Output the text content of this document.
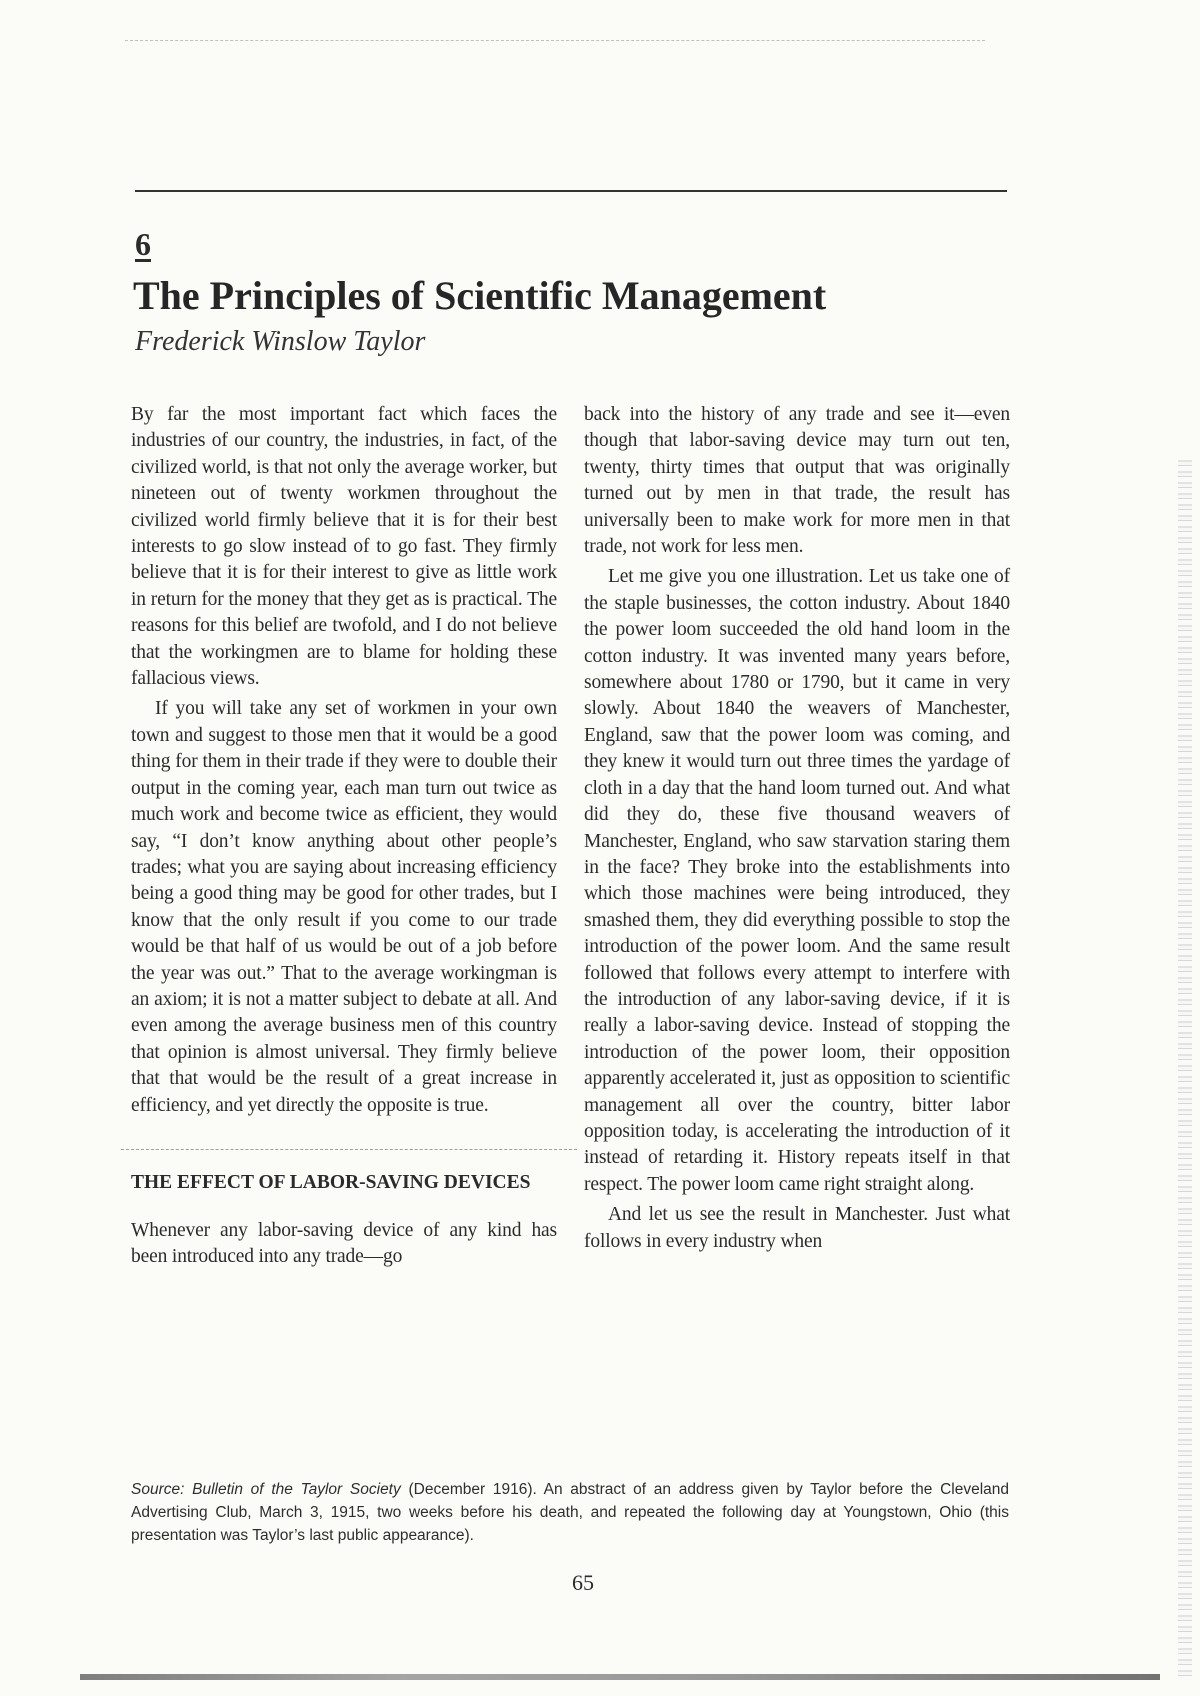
6
The Principles of Scientific Management

Frederick Winslow Taylor

By far the most important fact which faces the industries of our country, the industries, in fact, of the civilized world, is that not only the average worker, but nineteen out of twenty workmen throughout the civilized world firmly believe that it is for their best interests to go slow instead of to go fast. They firmly believe that it is for their interest to give as little work in return for the money that they get as is practical. The reasons for this belief are twofold, and I do not believe that the workingmen are to blame for holding these fallacious views.

If you will take any set of workmen in your own town and suggest to those men that it would be a good thing for them in their trade if they were to double their output in the coming year, each man turn out twice as much work and become twice as efficient, they would say, “I don’t know anything about other people’s trades; what you are saying about increasing efficiency being a good thing may be good for other trades, but I know that the only result if you come to our trade would be that half of us would be out of a job before the year was out.” That to the average workingman is an axiom; it is not a matter subject to debate at all. And even among the average business men of this country that opinion is almost universal. They firmly believe that that would be the result of a great increase in efficiency, and yet directly the opposite is true.

THE EFFECT OF LABOR-SAVING DEVICES

Whenever any labor-saving device of any kind has been introduced into any trade—go

back into the history of any trade and see it—even though that labor-saving device may turn out ten, twenty, thirty times that output that was originally turned out by men in that trade, the result has universally been to make work for more men in that trade, not work for less men.

Let me give you one illustration. Let us take one of the staple businesses, the cotton industry. About 1840 the power loom succeeded the old hand loom in the cotton industry. It was invented many years before, somewhere about 1780 or 1790, but it came in very slowly. About 1840 the weavers of Manchester, England, saw that the power loom was coming, and they knew it would turn out three times the yardage of cloth in a day that the hand loom turned out. And what did they do, these five thousand weavers of Manchester, England, who saw starvation staring them in the face? They broke into the establishments into which those machines were being introduced, they smashed them, they did everything possible to stop the introduction of the power loom. And the same result followed that follows every attempt to interfere with the introduction of any labor-saving device, if it is really a labor-saving device. Instead of stopping the introduction of the power loom, their opposition apparently accelerated it, just as opposition to scientific management all over the country, bitter labor opposition today, is accelerating the introduction of it instead of retarding it. History repeats itself in that respect. The power loom came right straight along.

And let us see the result in Manchester. Just what follows in every industry when

Source: Bulletin of the Taylor Society (December 1916). An abstract of an address given by Taylor before the Cleveland Advertising Club, March 3, 1915, two weeks before his death, and repeated the following day at Youngstown, Ohio (this presentation was Taylor’s last public appearance).

65
